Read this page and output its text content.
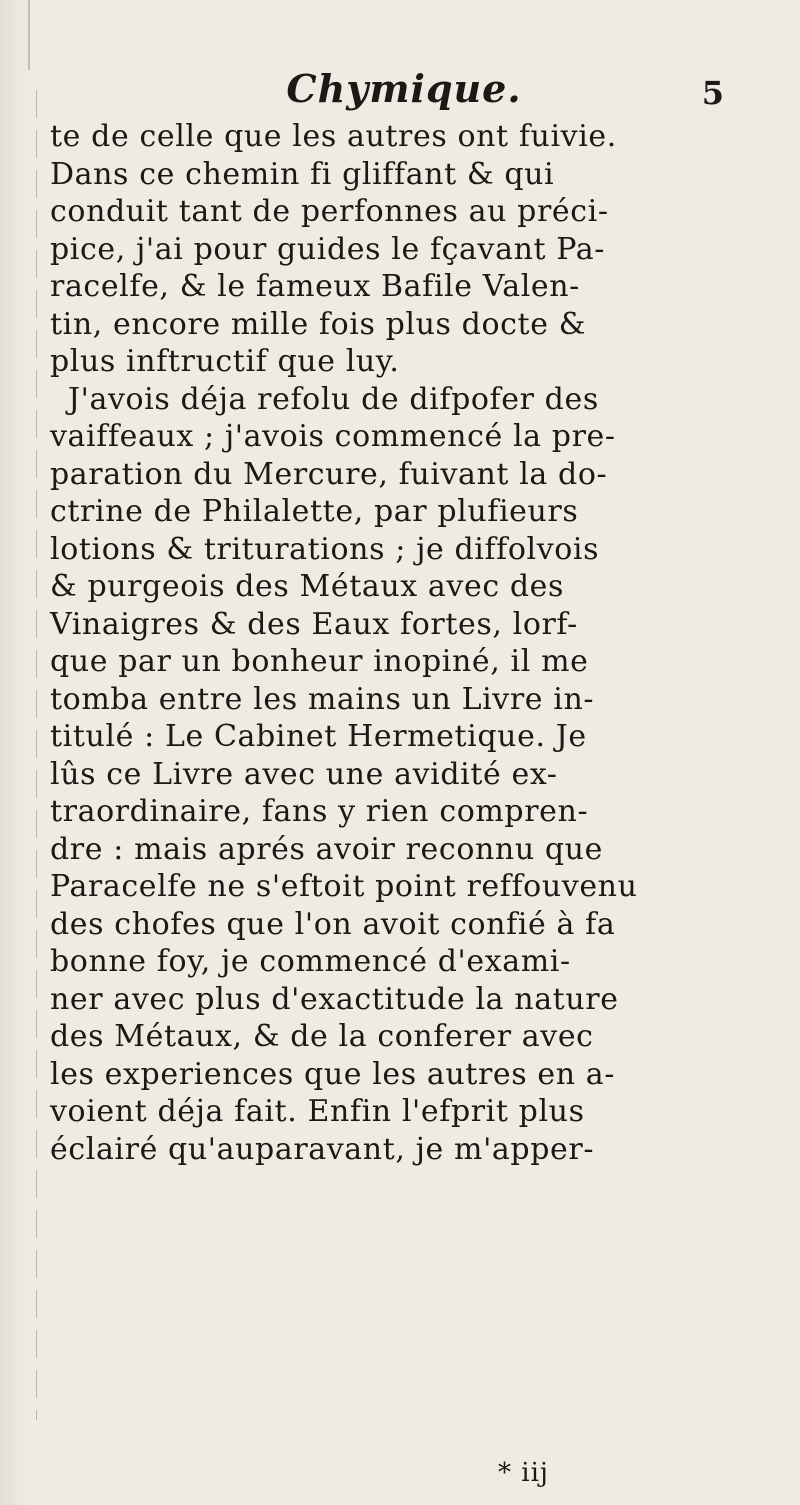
Chymique.	5
te de celle que les autres ont fuivie.
Dans ce chemin fi gliffant & qui
conduit tant de perfonnes au préci-
pice, j'ai pour guides le fçavant Pa-
racelfe, & le fameux Bafile Valen-
tin, encore mille fois plus docte &
plus inftructif que luy.
J'avois déja refolu de difpofer des
vaiffeaux ; j'avois commencé la pre-
paration du Mercure, fuivant la do-
ctrine de Philalette, par plufieurs
lotions & triturations ; je diffolvois
& purgeois des Métaux avec des
Vinaigres & des Eaux fortes, lorf-
que par un bonheur inopiné, il me
tomba entre les mains un Livre in-
titulé : Le Cabinet Hermetique. Je
lûs ce Livre avec une avidité ex-
traordinaire, fans y rien compren-
dre : mais aprés avoir reconnu que
Paracelfe ne s'eftoit point reffouvenu
des chofes que l'on avoit confié à fa
bonne foy, je commencé d'exami-
ner avec plus d'exactitude la nature
des Métaux, & de la conferer avec
les experiences que les autres en a-
voient déja fait. Enfin l'efprit plus
éclairé qu'auparavant, je m'apper-
* iij
